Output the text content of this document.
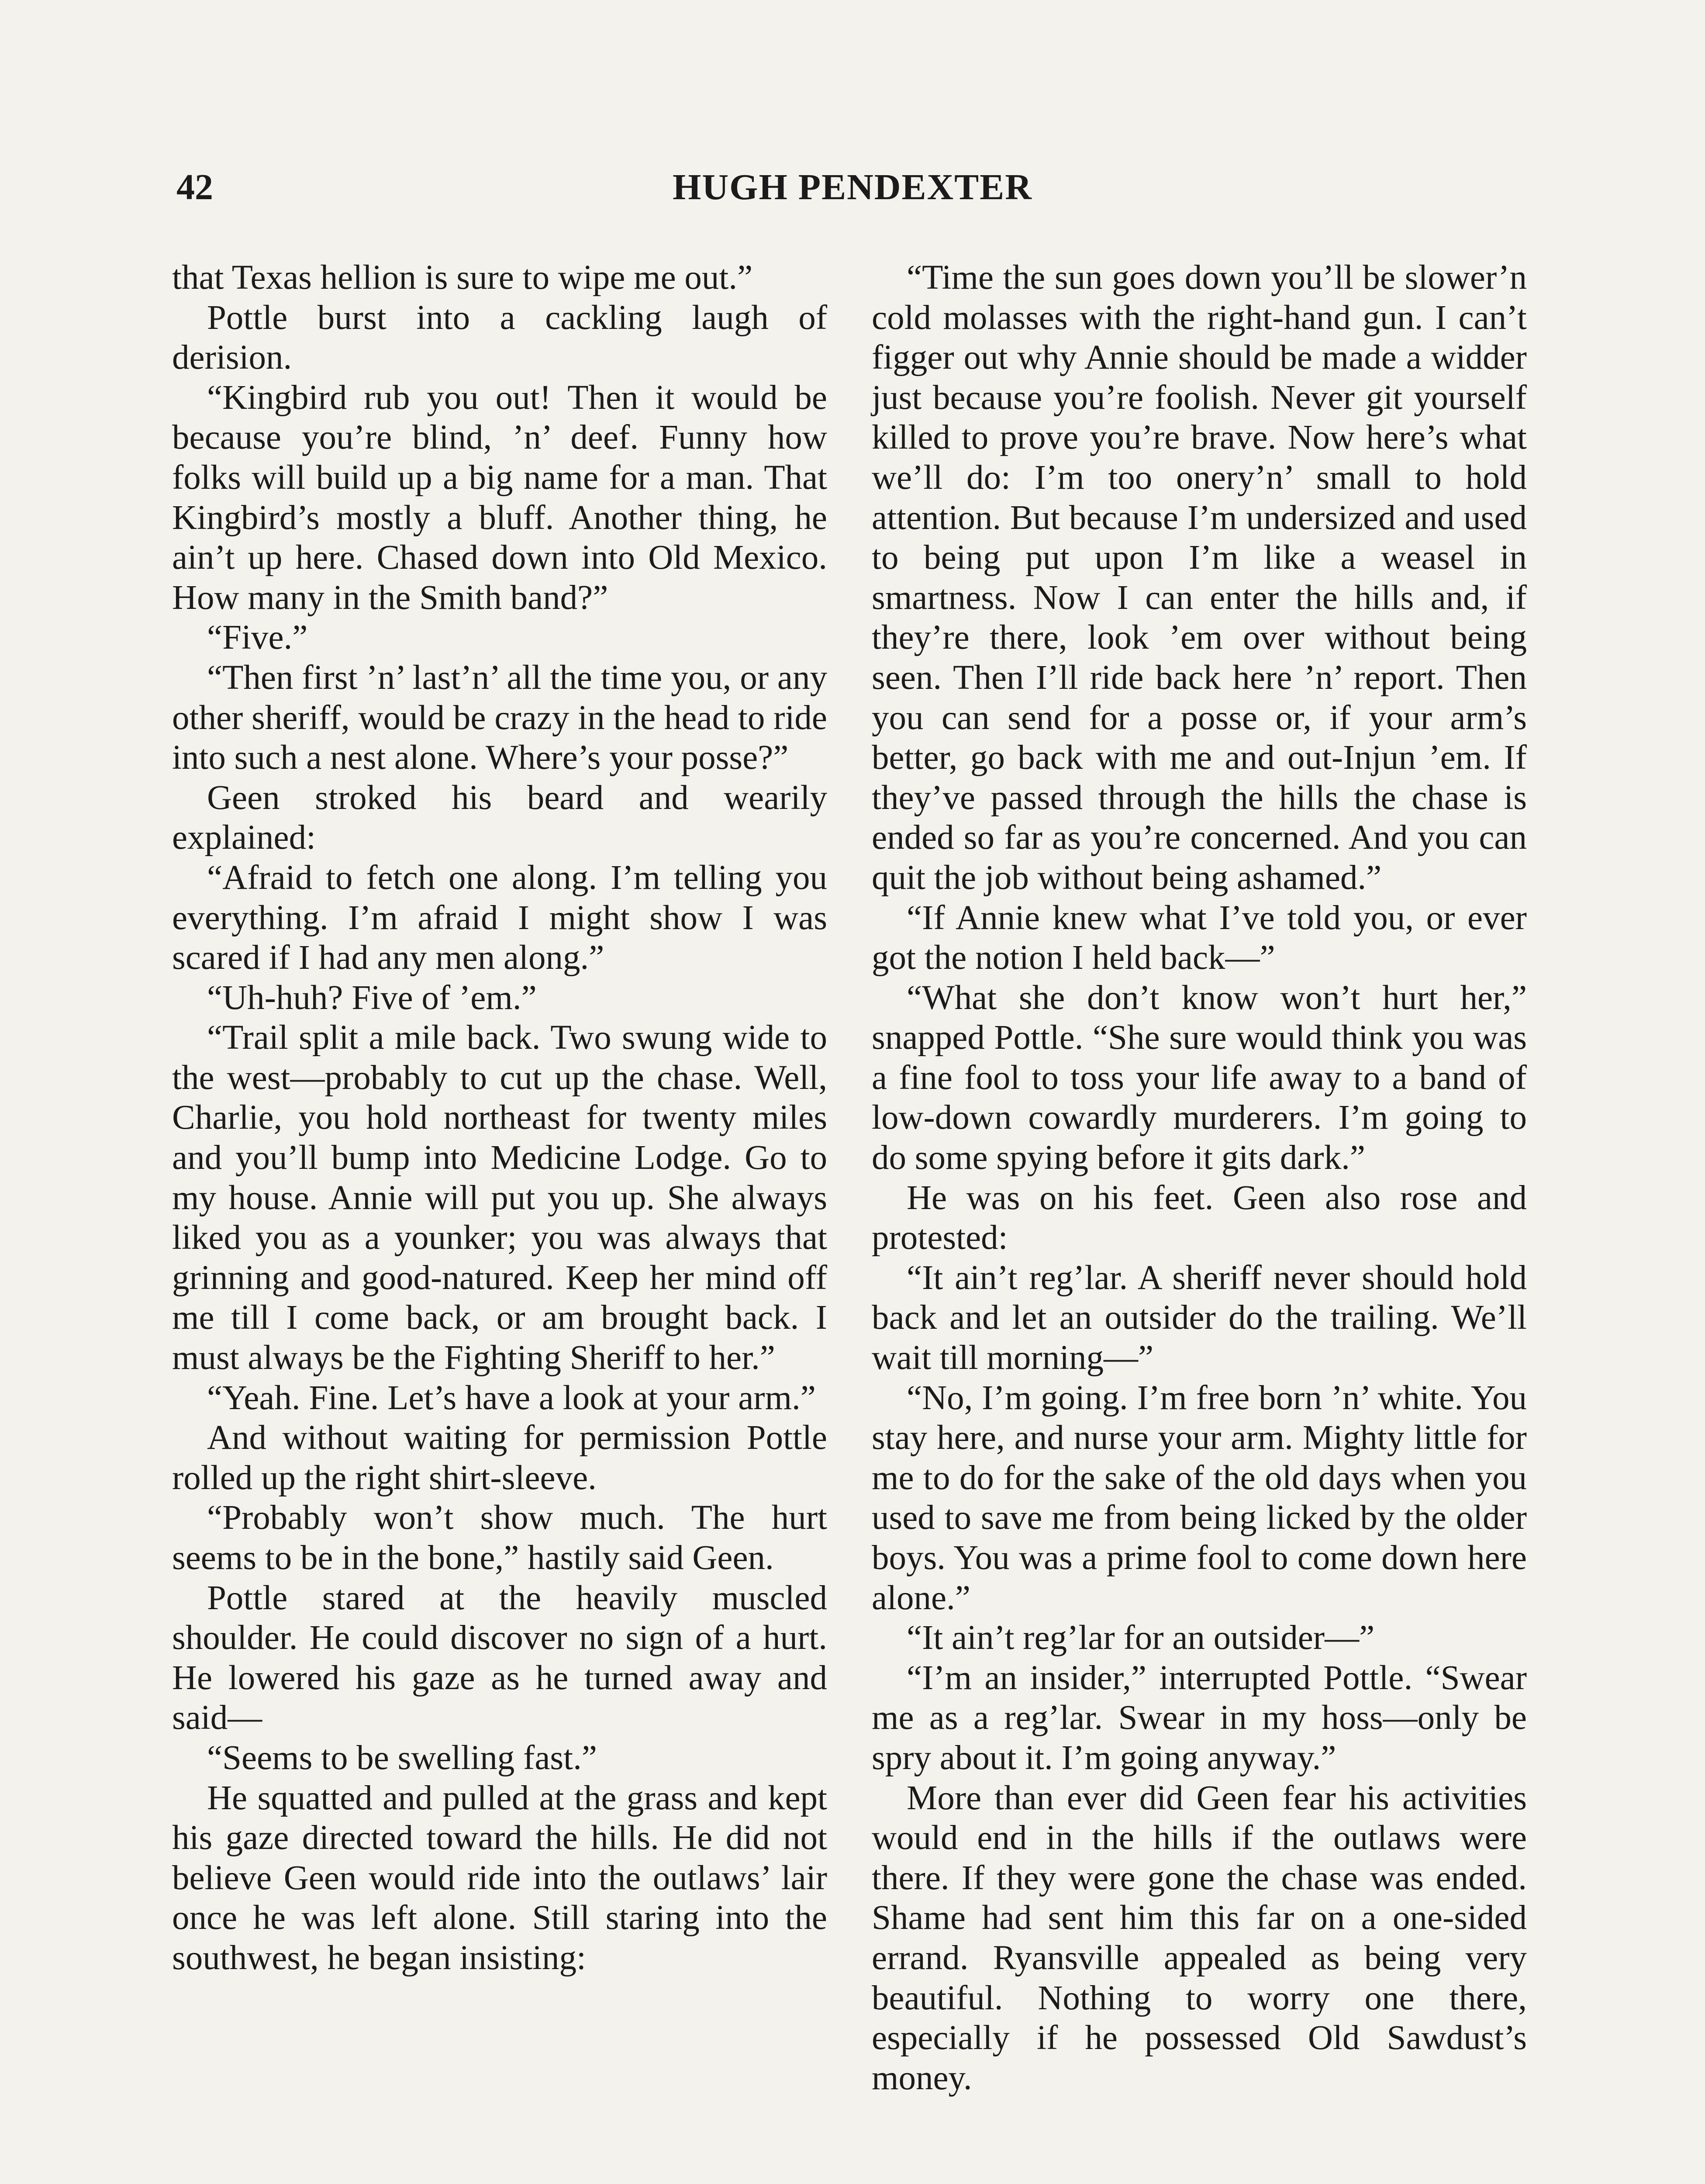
42	HUGH PENDEXTER

that Texas hellion is sure to wipe me out.”

Pottle burst into a cackling laugh of derision.

“Kingbird rub you out! Then it would be because you’re blind, ’n’ deef. Funny how folks will build up a big name for a man. That Kingbird’s mostly a bluff. Another thing, he ain’t up here. Chased down into Old Mexico. How many in the Smith band?”

“Five.”

“Then first ’n’ last’n’ all the time you, or any other sheriff, would be crazy in the head to ride into such a nest alone. Where’s your posse?”

Geen stroked his beard and wearily explained:

“Afraid to fetch one along. I’m telling you everything. I’m afraid I might show I was scared if I had any men along.”

“Uh-huh? Five of ’em.”

“Trail split a mile back. Two swung wide to the west—probably to cut up the chase. Well, Charlie, you hold northeast for twenty miles and you’ll bump into Medicine Lodge. Go to my house. Annie will put you up. She always liked you as a younker; you was always that grinning and good-natured. Keep her mind off me till I come back, or am brought back. I must always be the Fighting Sheriff to her.”

“Yeah. Fine. Let’s have a look at your arm.”

And without waiting for permission Pottle rolled up the right shirt-sleeve.

“Probably won’t show much. The hurt seems to be in the bone,” hastily said Geen.

Pottle stared at the heavily muscled shoulder. He could discover no sign of a hurt. He lowered his gaze as he turned away and said—

“Seems to be swelling fast.”

He squatted and pulled at the grass and kept his gaze directed toward the hills. He did not believe Geen would ride into the outlaws’ lair once he was left alone. Still staring into the southwest, he began insisting:

“Time the sun goes down you’ll be slower’n cold molasses with the right-hand gun. I can’t figger out why Annie should be made a widder just because you’re foolish. Never git yourself killed to prove you’re brave. Now here’s what we’ll do: I’m too onery’n’ small to hold attention. But because I’m undersized and used to being put upon I’m like a weasel in smartness. Now I can enter the hills and, if they’re there, look ’em over without being seen. Then I’ll ride back here ’n’ report. Then you can send for a posse or, if your arm’s better, go back with me and out-Injun ’em. If they’ve passed through the hills the chase is ended so far as you’re concerned. And you can quit the job without being ashamed.”

“If Annie knew what I’ve told you, or ever got the notion I held back—”

“What she don’t know won’t hurt her,” snapped Pottle. “She sure would think you was a fine fool to toss your life away to a band of low-down cowardly murderers. I’m going to do some spying before it gits dark.”

He was on his feet. Geen also rose and protested:

“It ain’t reg’lar. A sheriff never should hold back and let an outsider do the trailing. We’ll wait till morning—”

“No, I’m going. I’m free born ’n’ white. You stay here, and nurse your arm. Mighty little for me to do for the sake of the old days when you used to save me from being licked by the older boys. You was a prime fool to come down here alone.”

“It ain’t reg’lar for an outsider—”

“I’m an insider,” interrupted Pottle. “Swear me as a reg’lar. Swear in my hoss—only be spry about it. I’m going anyway.”

More than ever did Geen fear his activities would end in the hills if the outlaws were there. If they were gone the chase was ended. Shame had sent him this far on a one-sided errand. Ryansville appealed as being very beautiful. Nothing to worry one there, especially if he possessed Old Sawdust’s money.
